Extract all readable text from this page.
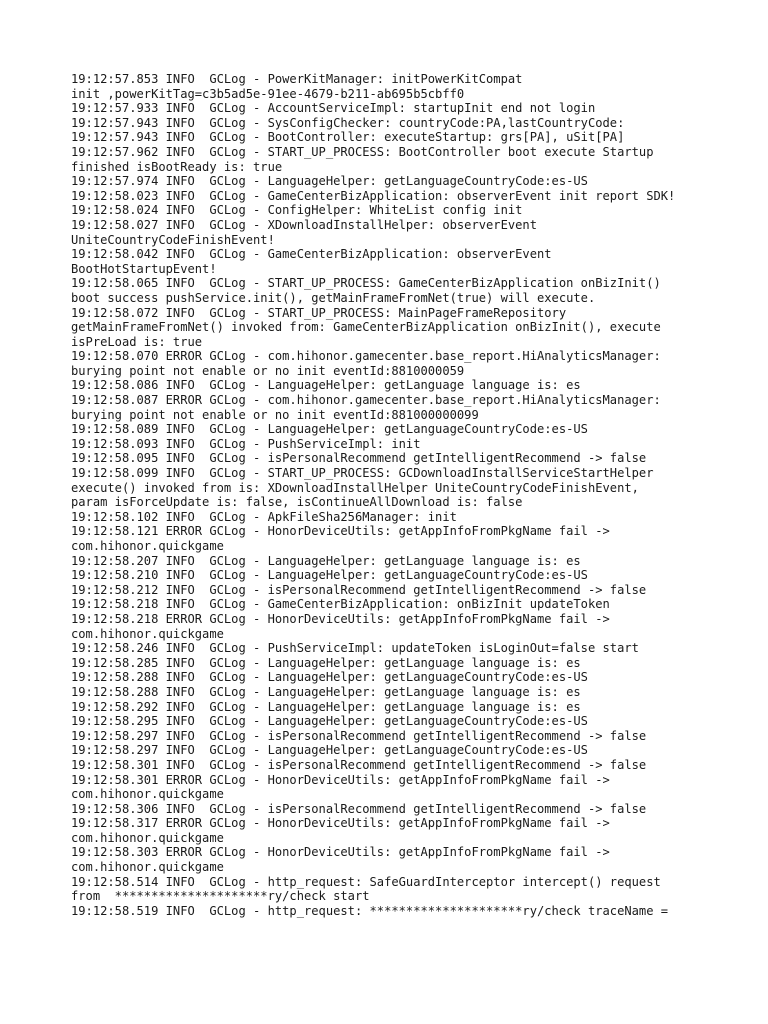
19:12:57.853 INFO  GCLog - PowerKitManager: initPowerKitCompat
init ,powerKitTag=c3b5ad5e-91ee-4679-b211-ab695b5cbff0
19:12:57.933 INFO  GCLog - AccountServiceImpl: startupInit end not login
19:12:57.943 INFO  GCLog - SysConfigChecker: countryCode:PA,lastCountryCode:
19:12:57.943 INFO  GCLog - BootController: executeStartup: grs[PA], uSit[PA]
19:12:57.962 INFO  GCLog - START_UP_PROCESS: BootController boot execute Startup
finished isBootReady is: true
19:12:57.974 INFO  GCLog - LanguageHelper: getLanguageCountryCode:es-US
19:12:58.023 INFO  GCLog - GameCenterBizApplication: observerEvent init report SDK!
19:12:58.024 INFO  GCLog - ConfigHelper: WhiteList config init
19:12:58.027 INFO  GCLog - XDownloadInstallHelper: observerEvent
UniteCountryCodeFinishEvent!
19:12:58.042 INFO  GCLog - GameCenterBizApplication: observerEvent
BootHotStartupEvent!
19:12:58.065 INFO  GCLog - START_UP_PROCESS: GameCenterBizApplication onBizInit()
boot success pushService.init(), getMainFrameFromNet(true) will execute.
19:12:58.072 INFO  GCLog - START_UP_PROCESS: MainPageFrameRepository
getMainFrameFromNet() invoked from: GameCenterBizApplication onBizInit(), execute
isPreLoad is: true
19:12:58.070 ERROR GCLog - com.hihonor.gamecenter.base_report.HiAnalyticsManager:
burying point not enable or no init eventId:8810000059
19:12:58.086 INFO  GCLog - LanguageHelper: getLanguage language is: es
19:12:58.087 ERROR GCLog - com.hihonor.gamecenter.base_report.HiAnalyticsManager:
burying point not enable or no init eventId:881000000099
19:12:58.089 INFO  GCLog - LanguageHelper: getLanguageCountryCode:es-US
19:12:58.093 INFO  GCLog - PushServiceImpl: init
19:12:58.095 INFO  GCLog - isPersonalRecommend getIntelligentRecommend -> false
19:12:58.099 INFO  GCLog - START_UP_PROCESS: GCDownloadInstallServiceStartHelper
execute() invoked from is: XDownloadInstallHelper UniteCountryCodeFinishEvent,
param isForceUpdate is: false, isContinueAllDownload is: false
19:12:58.102 INFO  GCLog - ApkFileSha256Manager: init
19:12:58.121 ERROR GCLog - HonorDeviceUtils: getAppInfoFromPkgName fail ->
com.hihonor.quickgame
19:12:58.207 INFO  GCLog - LanguageHelper: getLanguage language is: es
19:12:58.210 INFO  GCLog - LanguageHelper: getLanguageCountryCode:es-US
19:12:58.212 INFO  GCLog - isPersonalRecommend getIntelligentRecommend -> false
19:12:58.218 INFO  GCLog - GameCenterBizApplication: onBizInit updateToken
19:12:58.218 ERROR GCLog - HonorDeviceUtils: getAppInfoFromPkgName fail ->
com.hihonor.quickgame
19:12:58.246 INFO  GCLog - PushServiceImpl: updateToken isLoginOut=false start
19:12:58.285 INFO  GCLog - LanguageHelper: getLanguage language is: es
19:12:58.288 INFO  GCLog - LanguageHelper: getLanguageCountryCode:es-US
19:12:58.288 INFO  GCLog - LanguageHelper: getLanguage language is: es
19:12:58.292 INFO  GCLog - LanguageHelper: getLanguage language is: es
19:12:58.295 INFO  GCLog - LanguageHelper: getLanguageCountryCode:es-US
19:12:58.297 INFO  GCLog - isPersonalRecommend getIntelligentRecommend -> false
19:12:58.297 INFO  GCLog - LanguageHelper: getLanguageCountryCode:es-US
19:12:58.301 INFO  GCLog - isPersonalRecommend getIntelligentRecommend -> false
19:12:58.301 ERROR GCLog - HonorDeviceUtils: getAppInfoFromPkgName fail ->
com.hihonor.quickgame
19:12:58.306 INFO  GCLog - isPersonalRecommend getIntelligentRecommend -> false
19:12:58.317 ERROR GCLog - HonorDeviceUtils: getAppInfoFromPkgName fail ->
com.hihonor.quickgame
19:12:58.303 ERROR GCLog - HonorDeviceUtils: getAppInfoFromPkgName fail ->
com.hihonor.quickgame
19:12:58.514 INFO  GCLog - http_request: SafeGuardInterceptor intercept() request
from  *********************ry/check start
19:12:58.519 INFO  GCLog - http_request: *********************ry/check traceName =
